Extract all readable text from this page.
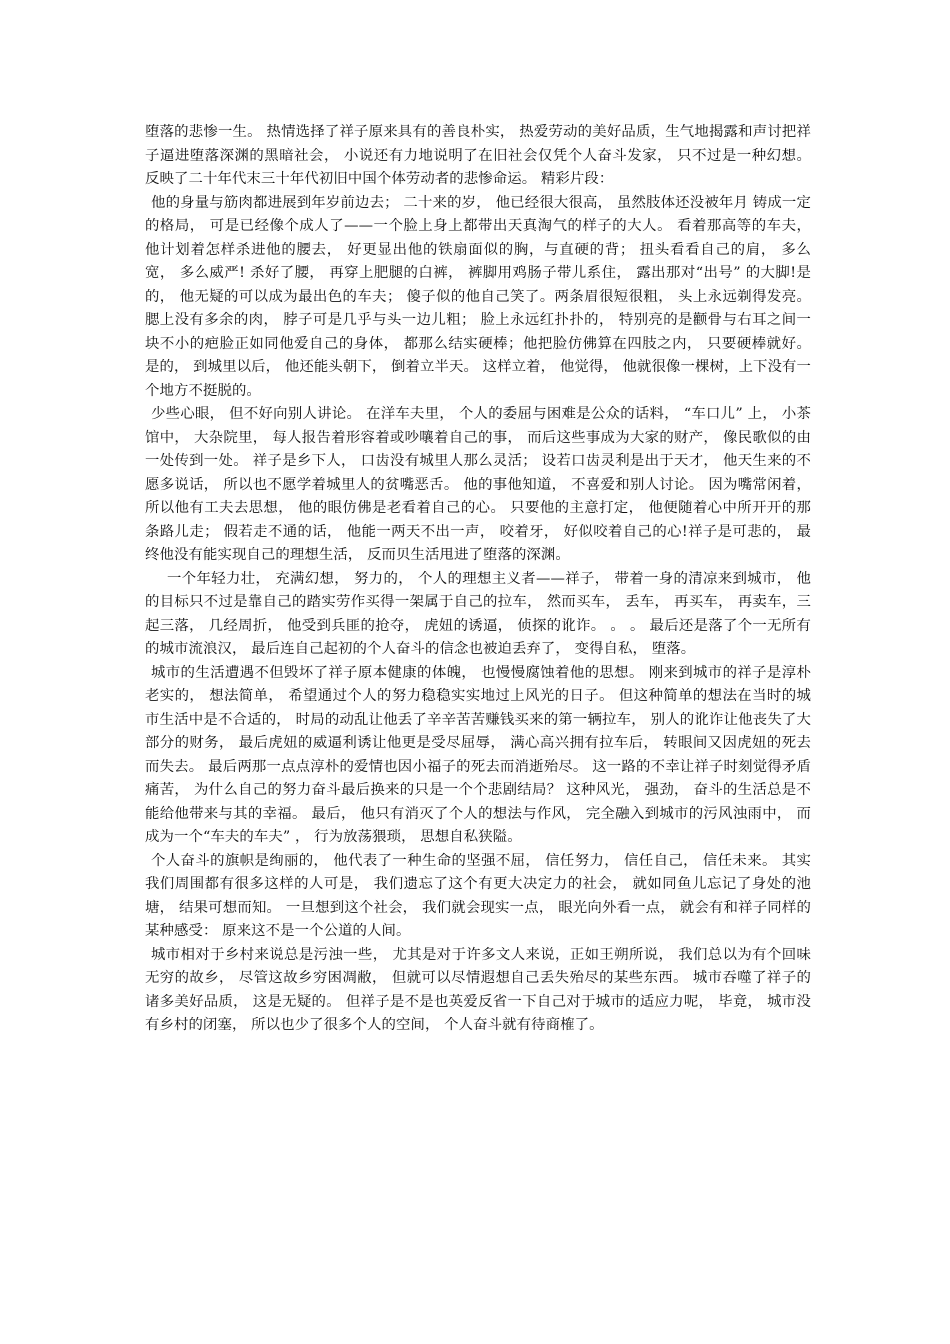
堕落的悲惨一生。 热情选择了祥子原来具有的善良朴实， 热爱劳动的美好品质，生气地揭露和声讨把祥子逼进堕落深渊的黑暗社会， 小说还有力地说明了在旧社会仅凭个人奋斗发家， 只不过是一种幻想。 反映了二十年代末三十年代初旧中国个体劳动者的悲惨命运。 精彩片段：

他的身量与筋肉都进展到年岁前边去； 二十来的岁， 他已经很大很高， 虽然肢体还没被年月 铸成一定的格局， 可是已经像个成人了——一个脸上身上都带出天真淘气的样子的大人。 看着那高等的车夫， 他计划着怎样杀进他的腰去， 好更显出他的铁扇面似的胸，与直硬的背； 扭头看看自己的肩， 多么宽， 多么威严! 杀好了腰， 再穿上肥腿的白裤， 裤脚用鸡肠子带儿系住， 露出那对“出号” 的大脚!是的， 他无疑的可以成为最出色的车夫； 傻子似的他自己笑了。两条眉很短很粗， 头上永远剃得发亮。 腮上没有多余的肉， 脖子可是几乎与头一边儿粗； 脸上永远红扑扑的， 特别亮的是颧骨与右耳之间一块不小的疤脸正如同他爱自己的身体， 都那么结实硬棒；他把脸仿佛算在四肢之内， 只要硬棒就好。 是的， 到城里以后， 他还能头朝下， 倒着立半天。 这样立着， 他觉得， 他就很像一棵树，上下没有一个地方不挺脱的。

少些心眼， 但不好向别人讲论。 在洋车夫里， 个人的委屈与困难是公众的话料， “车口儿” 上， 小茶馆中， 大杂院里， 每人报告着形容着或吵嚷着自己的事， 而后这些事成为大家的财产， 像民歌似的由一处传到一处。 祥子是乡下人， 口齿没有城里人那么灵活； 设若口齿灵利是出于天才， 他天生来的不愿多说话， 所以也不愿学着城里人的贫嘴恶舌。 他的事他知道， 不喜爱和别人讨论。 因为嘴常闲着， 所以他有工夫去思想， 他的眼仿佛是老看着自己的心。 只要他的主意打定， 他便随着心中所开开的那条路儿走； 假若走不通的话， 他能一两天不出一声， 咬着牙， 好似咬着自己的心!祥子是可悲的， 最终他没有能实现自己的理想生活， 反而贝生活甩进了堕落的深渊。

一个年轻力壮， 充满幻想， 努力的， 个人的理想主义者——祥子， 带着一身的清凉来到城市， 他的目标只不过是靠自己的踏实劳作买得一架属于自己的拉车， 然而买车， 丢车， 再买车， 再卖车，三起三落， 几经周折， 他受到兵匪的抢夺， 虎妞的诱逼， 侦探的讹诈。 。 。 最后还是落了个一无所有的城市流浪汉， 最后连自己起初的个人奋斗的信念也被迫丢弃了， 变得自私， 堕落。

城市的生活遭遇不但毁坏了祥子原本健康的体魄， 也慢慢腐蚀着他的思想。 刚来到城市的祥子是淳朴老实的， 想法简单， 希望通过个人的努力稳稳实实地过上风光的日子。 但这种简单的想法在当时的城市生活中是不合适的， 时局的动乱让他丢了辛辛苦苦赚钱买来的第一辆拉车， 别人的讹诈让他丧失了大部分的财务， 最后虎妞的威逼利诱让他更是受尽屈辱， 满心高兴拥有拉车后， 转眼间又因虎妞的死去而失去。 最后两那一点点淳朴的爱情也因小福子的死去而消逝殆尽。 这一路的不幸让祥子时刻觉得矛盾痛苦， 为什么自己的努力奋斗最后换来的只是一个个悲剧结局？ 这种风光， 强劲， 奋斗的生活总是不能给他带来与其的幸福。 最后， 他只有消灭了个人的想法与作风， 完全融入到城市的污风浊雨中， 而成为一个“车夫的车夫” ， 行为放荡猥琐， 思想自私狭隘。

个人奋斗的旗帜是绚丽的， 他代表了一种生命的坚强不屈， 信任努力， 信任自己， 信任未来。 其实我们周围都有很多这样的人可是， 我们遗忘了这个有更大决定力的社会， 就如同鱼儿忘记了身处的池塘， 结果可想而知。 一旦想到这个社会， 我们就会现实一点， 眼光向外看一点， 就会有和祥子同样的某种感受： 原来这不是一个公道的人间。

城市相对于乡村来说总是污浊一些， 尤其是对于许多文人来说，正如王朔所说， 我们总以为有个回味无穷的故乡， 尽管这故乡穷困凋敝， 但就可以尽情遐想自己丢失殆尽的某些东西。 城市吞噬了祥子的诸多美好品质， 这是无疑的。 但祥子是不是也英爱反省一下自己对于城市的适应力呢， 毕竟， 城市没有乡村的闭塞， 所以也少了很多个人的空间， 个人奋斗就有待商榷了。
